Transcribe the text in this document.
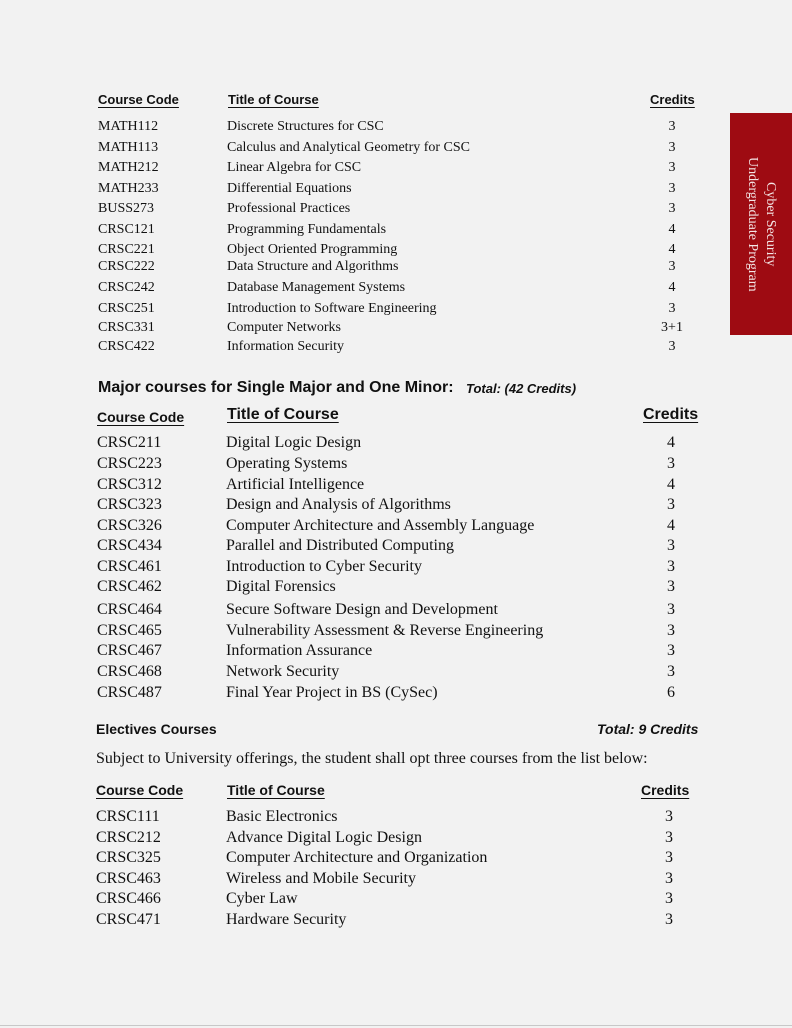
Cyber Security
Undergraduate Program
Course Code	Title of Course	Credits
MATH112	Discrete Structures for CSC	3
MATH113	Calculus and Analytical Geometry for CSC	3
MATH212	Linear Algebra for CSC	3
MATH233	Differential Equations	3
BUSS273	Professional Practices	3
CRSC121	Programming Fundamentals	4
CRSC221	Object Oriented Programming	4
CRSC222	Data Structure and Algorithms	3
CRSC242	Database Management Systems	4
CRSC251	Introduction to Software Engineering	3
CRSC331	Computer Networks	3+1
CRSC422	Information Security	3
Major courses for Single Major and One Minor: Total: (42 Credits)
Course Code	Title of Course	Credits
CRSC211	Digital Logic Design	4
CRSC223	Operating Systems	3
CRSC312	Artificial Intelligence	4
CRSC323	Design and Analysis of Algorithms	3
CRSC326	Computer Architecture and Assembly Language	4
CRSC434	Parallel and Distributed Computing	3
CRSC461	Introduction to Cyber Security	3
CRSC462	Digital Forensics	3
CRSC464	Secure Software Design and Development	3
CRSC465	Vulnerability Assessment & Reverse Engineering	3
CRSC467	Information Assurance	3
CRSC468	Network Security	3
CRSC487	Final Year Project in BS (CySec)	6
Electives Courses	Total: 9 Credits
Subject to University offerings, the student shall opt three courses from the list below:
Course Code	Title of Course	Credits
CRSC111	Basic Electronics	3
CRSC212	Advance Digital Logic Design	3
CRSC325	Computer Architecture and Organization	3
CRSC463	Wireless and Mobile Security	3
CRSC466	Cyber Law	3
CRSC471	Hardware Security	3
